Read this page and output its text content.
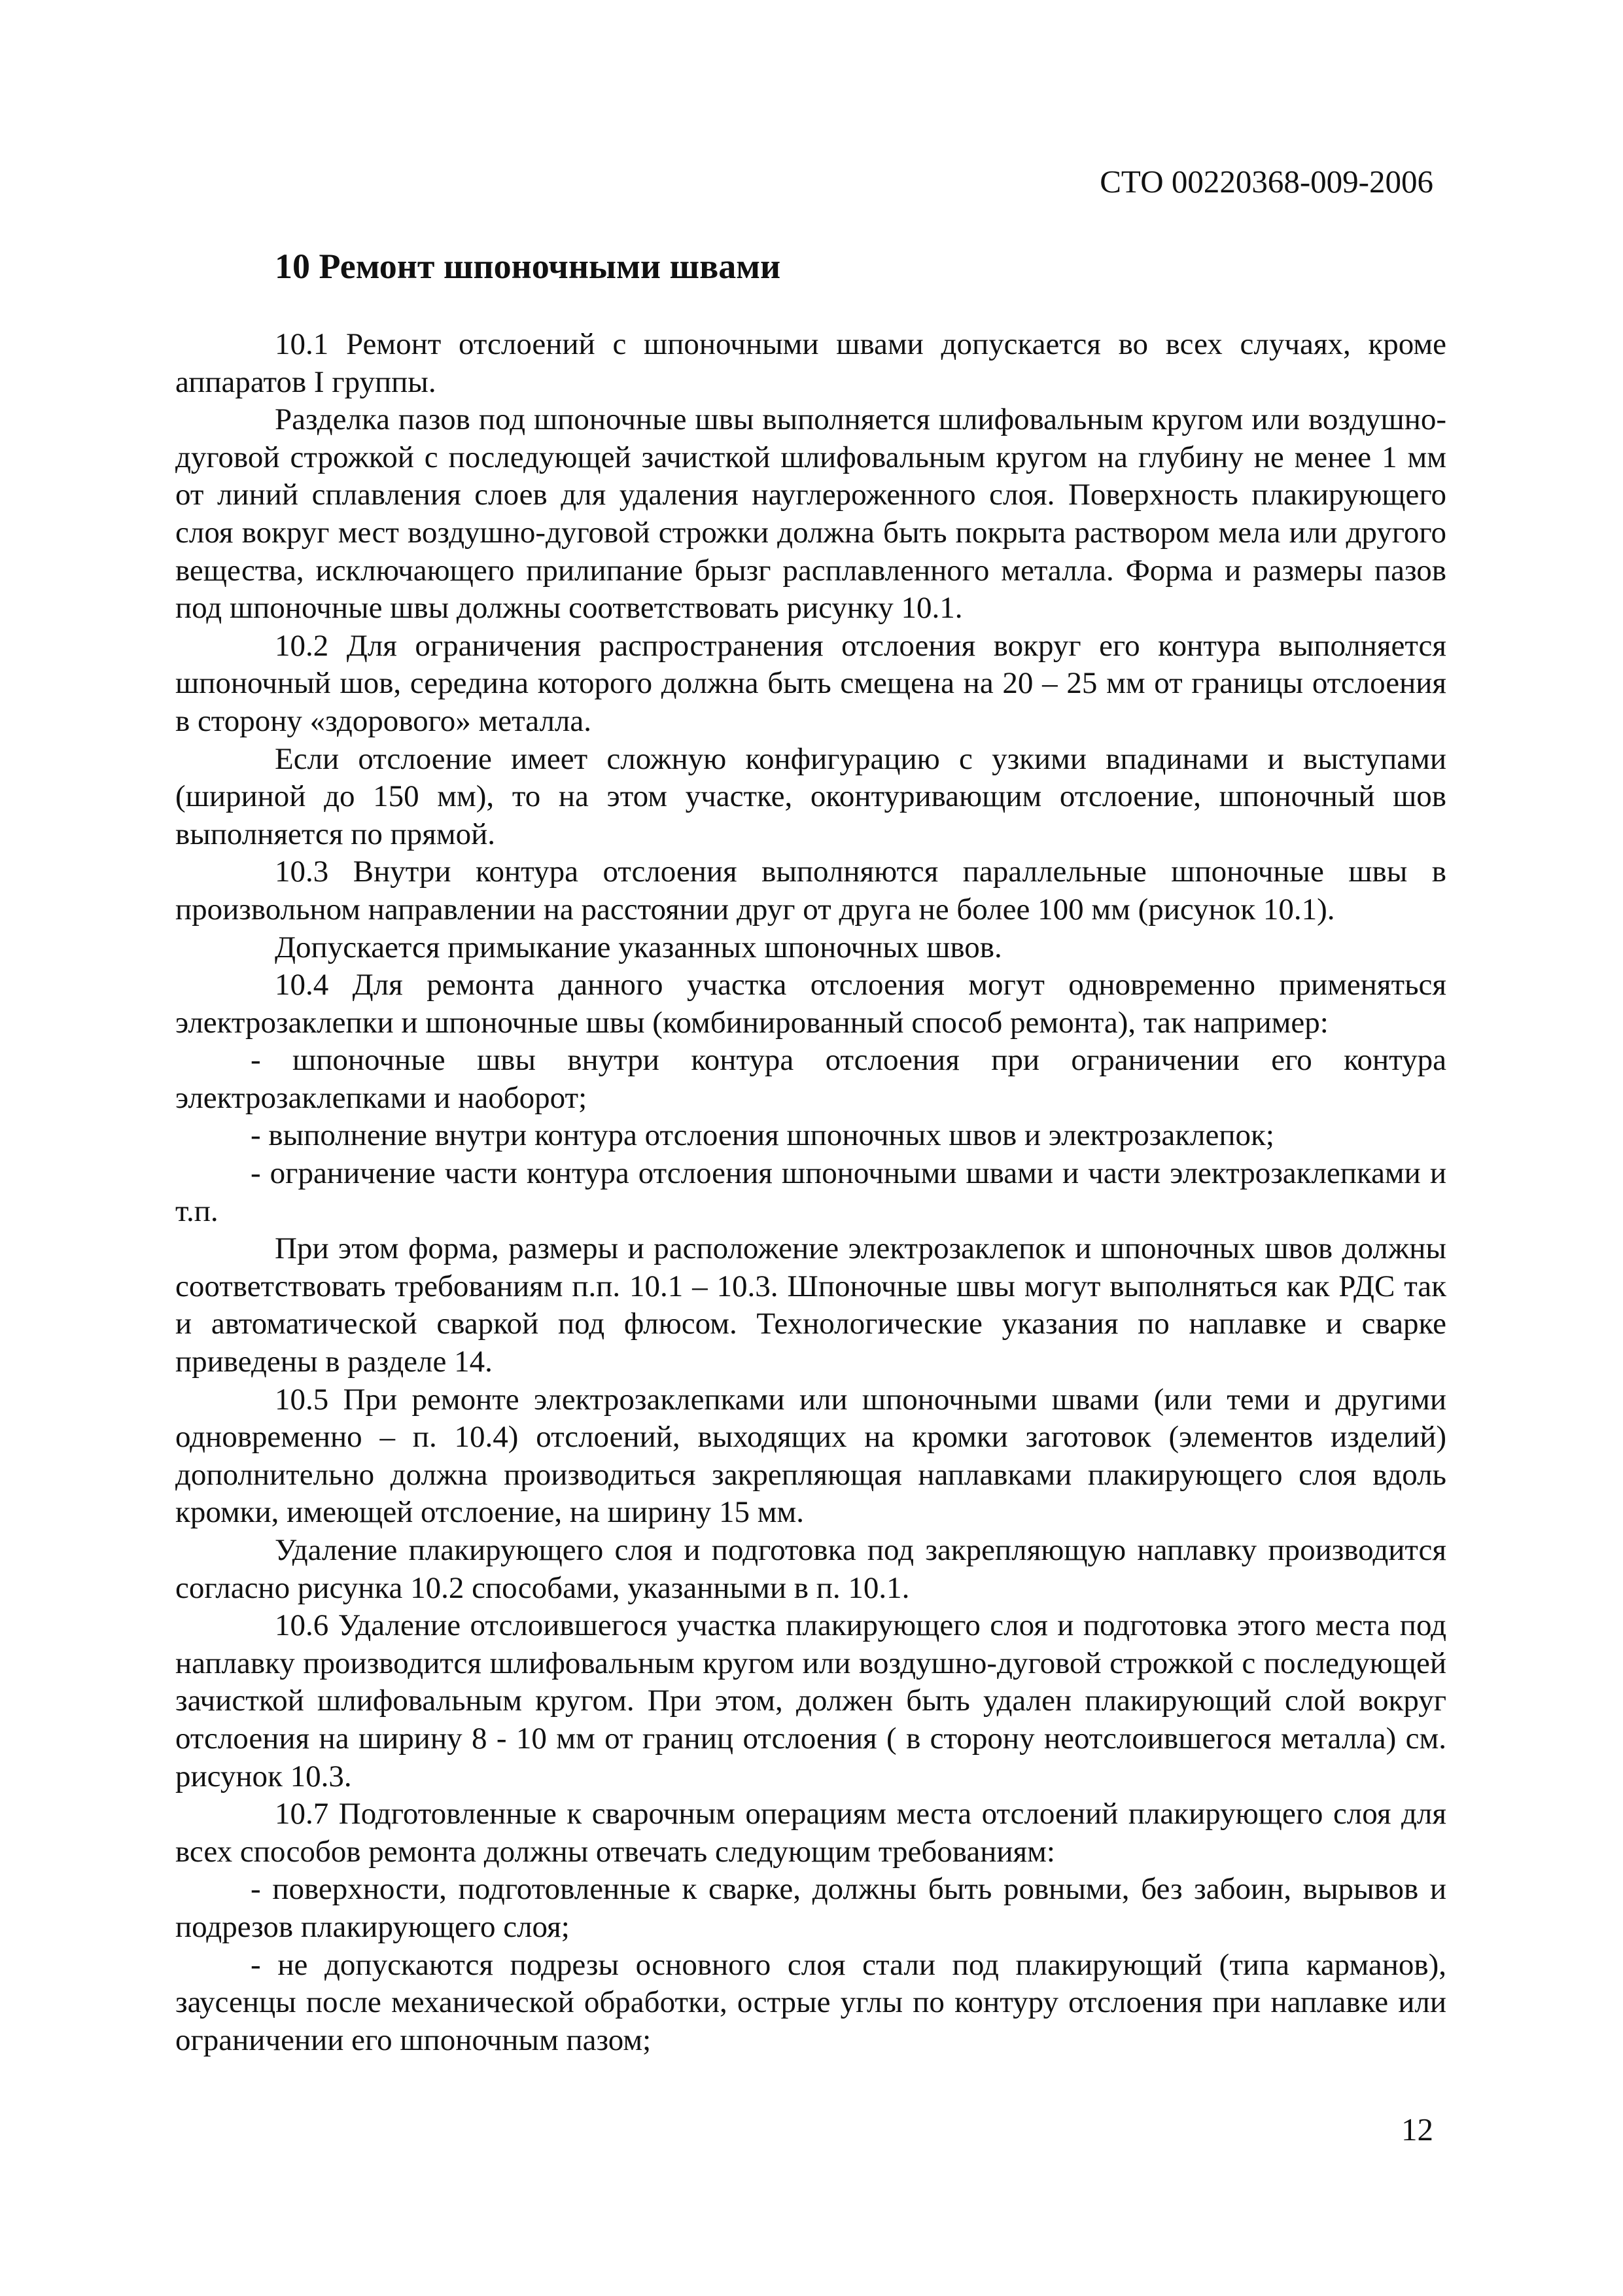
СТО 00220368-009-2006
10 Ремонт шпоночными швами

10.1 Ремонт отслоений с шпоночными швами допускается во всех случаях, кроме аппаратов I группы.

Разделка пазов под шпоночные швы выполняется шлифовальным кругом или воздушно-дуговой строжкой с последующей зачисткой шлифовальным кругом на глубину не менее 1 мм от линий сплавления слоев для удаления науглероженного слоя. Поверхность плакирующего слоя вокруг мест воздушно-дуговой строжки должна быть покрыта раствором мела или другого вещества, исключающего прилипание брызг расплавленного металла. Форма и размеры пазов под шпоночные швы должны соответствовать рисунку 10.1.

10.2 Для ограничения распространения отслоения вокруг его контура выполняется шпоночный шов, середина которого должна быть смещена на 20 – 25 мм от границы отслоения в сторону «здорового» металла.

Если отслоение имеет сложную конфигурацию с узкими впадинами и выступами (шириной до 150 мм), то на этом участке, оконтуривающим отслоение, шпоночный шов выполняется по прямой.

10.3 Внутри контура отслоения выполняются параллельные шпоночные швы в произвольном направлении на расстоянии друг от друга не более 100 мм (рисунок 10.1).

Допускается примыкание указанных шпоночных швов.

10.4 Для ремонта данного участка отслоения могут одновременно применяться электрозаклепки и шпоночные швы (комбинированный способ ремонта), так например:

- шпоночные швы внутри контура отслоения при ограничении его контура электрозаклепками и наоборот;

- выполнение внутри контура отслоения шпоночных швов и электрозаклепок;

- ограничение части контура отслоения шпоночными швами и части электрозаклепками и т.п.

При этом форма, размеры и расположение электрозаклепок и шпоночных швов должны соответствовать требованиям п.п. 10.1 – 10.3. Шпоночные швы могут выполняться как РДС так и автоматической сваркой под флюсом. Технологические указания по наплавке и сварке приведены в разделе 14.

10.5 При ремонте электрозаклепками или шпоночными швами (или теми и другими одновременно – п. 10.4) отслоений, выходящих на кромки заготовок (элементов изделий) дополнительно должна производиться закрепляющая наплавками плакирующего слоя вдоль кромки, имеющей отслоение, на ширину 15 мм.

Удаление плакирующего слоя и подготовка под закрепляющую наплавку производится согласно рисунка 10.2 способами, указанными в п. 10.1.

10.6 Удаление отслоившегося участка плакирующего слоя и подготовка этого места под наплавку производится шлифовальным кругом или воздушно-дуговой строжкой с последующей зачисткой шлифовальным кругом. При этом, должен быть удален плакирующий слой вокруг отслоения на ширину 8 - 10 мм от границ отслоения ( в сторону неотслоившегося металла) см. рисунок 10.3.

10.7 Подготовленные к сварочным операциям места отслоений плакирующего слоя для всех способов ремонта должны отвечать следующим требованиям:

- поверхности, подготовленные к сварке, должны быть ровными, без забоин, вырывов и подрезов плакирующего слоя;

- не допускаются подрезы основного слоя стали под плакирующий (типа карманов), заусенцы после механической обработки, острые углы по контуру отслоения при наплавке или ограничении его шпоночным пазом;

12
